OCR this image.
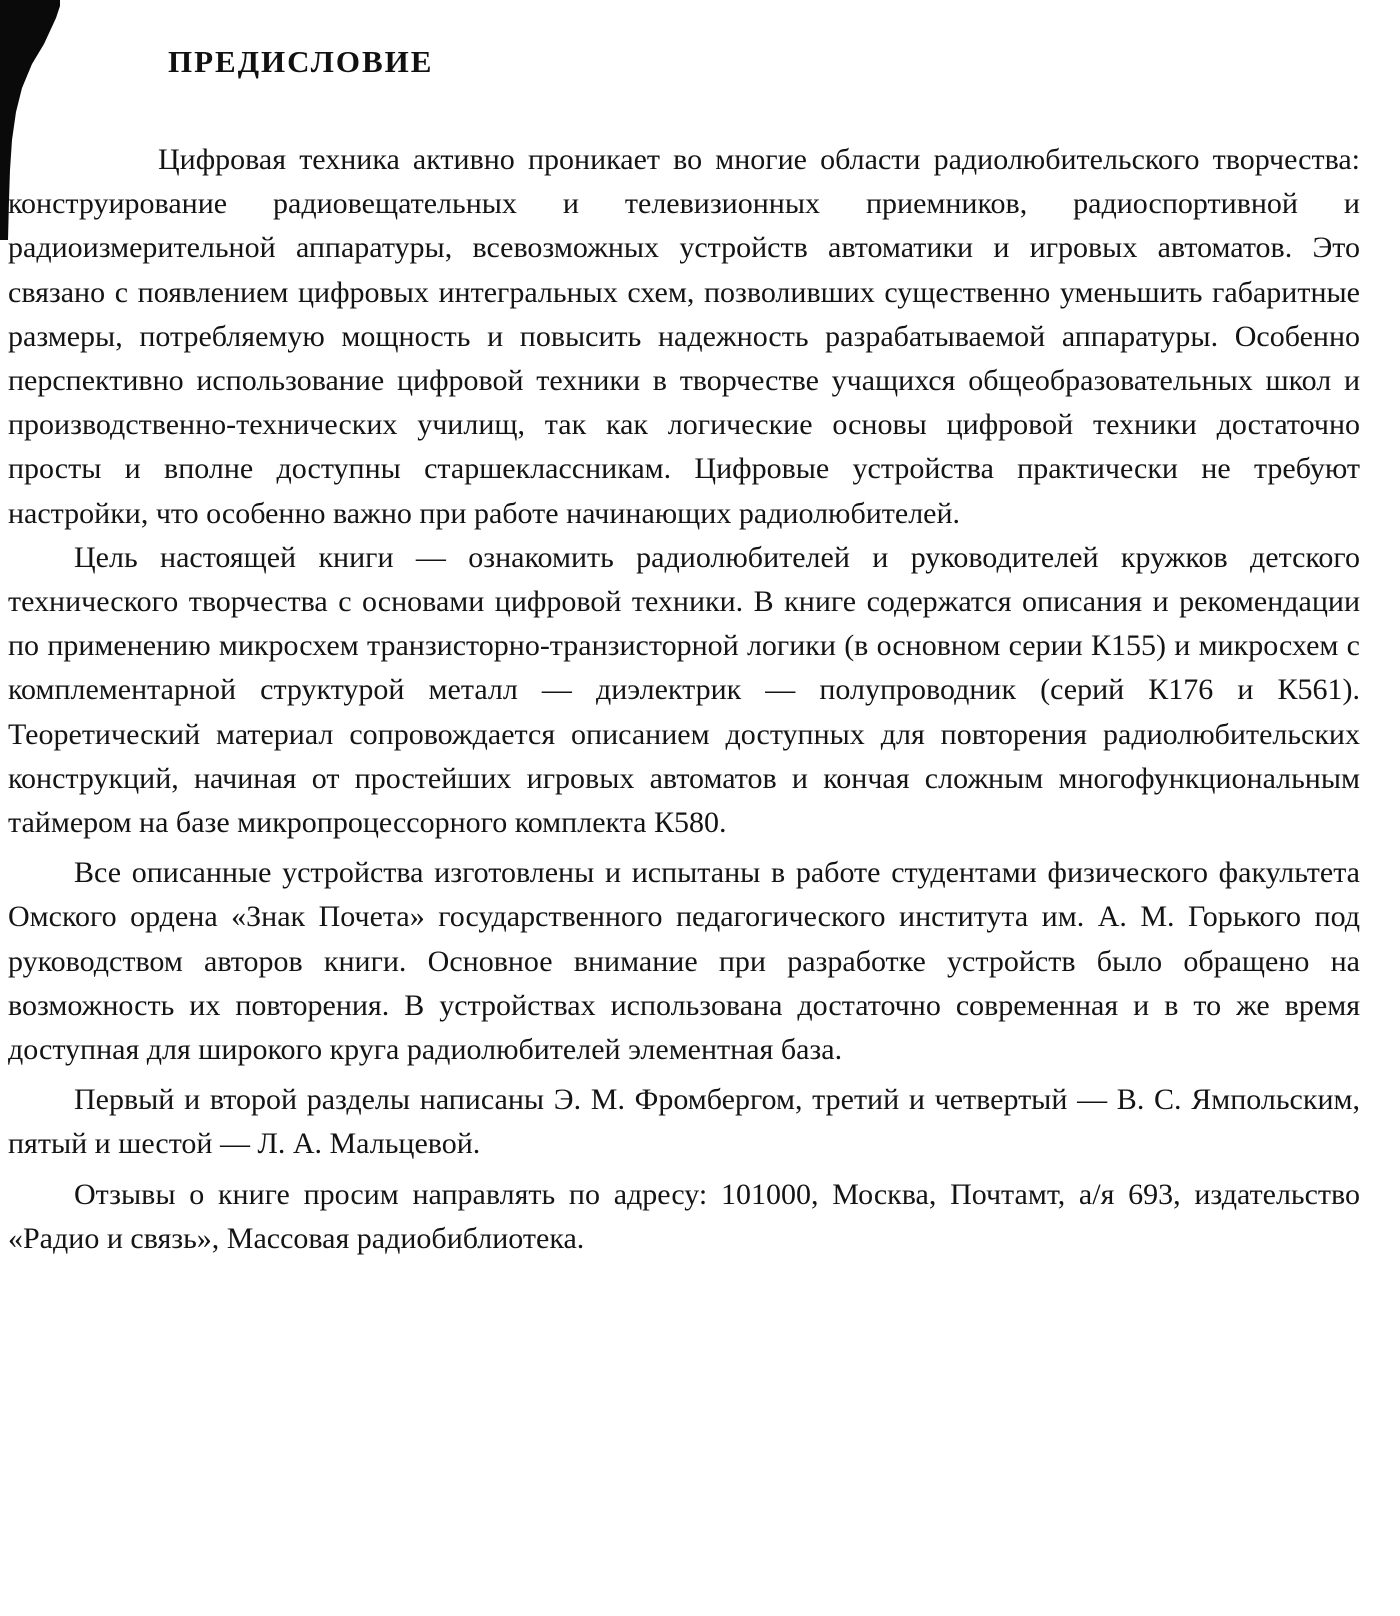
ПРЕДИСЛОВИЕ

Цифровая техника активно проникает во многие области радиолюбительского творчества: конструирование радиовещательных и телевизионных приемников, радиоспортивной и радиоизмерительной аппаратуры, всевозможных устройств автоматики и игровых автоматов. Это связано с появлением цифровых интегральных схем, позволивших существенно уменьшить габаритные размеры, потребляемую мощность и повысить надежность разрабатываемой аппаратуры. Особенно перспективно использование цифровой техники в творчестве учащихся общеобразовательных школ и производственно-технических училищ, так как логические основы цифровой техники достаточно просты и вполне доступны старшеклассникам. Цифровые устройства практически не требуют настройки, что особенно важно при работе начинающих радиолюбителей.

Цель настоящей книги — ознакомить радиолюбителей и руководителей кружков детского технического творчества с основами цифровой техники. В книге содержатся описания и рекомендации по применению микросхем транзисторно-транзисторной логики (в основном серии К155) и микросхем с комплементарной структурой металл — диэлектрик — полупроводник (серий К176 и К561). Теоретический материал сопровождается описанием доступных для повторения радиолюбительских конструкций, начиная от простейших игровых автоматов и кончая сложным многофункциональным таймером на базе микропроцессорного комплекта К580.

Все описанные устройства изготовлены и испытаны в работе студентами физического факультета Омского ордена «Знак Почета» государственного педагогического института им. А. М. Горького под руководством авторов книги. Основное внимание при разработке устройств было обращено на возможность их повторения. В устройствах использована достаточно современная и в то же время доступная для широкого круга радиолюбителей элементная база.

Первый и второй разделы написаны Э. М. Фромбергом, третий и четвертый — В. С. Ямпольским, пятый и шестой — Л. А. Мальцевой.

Отзывы о книге просим направлять по адресу: 101000, Москва, Почтамт, а/я 693, издательство «Радио и связь», Массовая радиобиблиотека.
